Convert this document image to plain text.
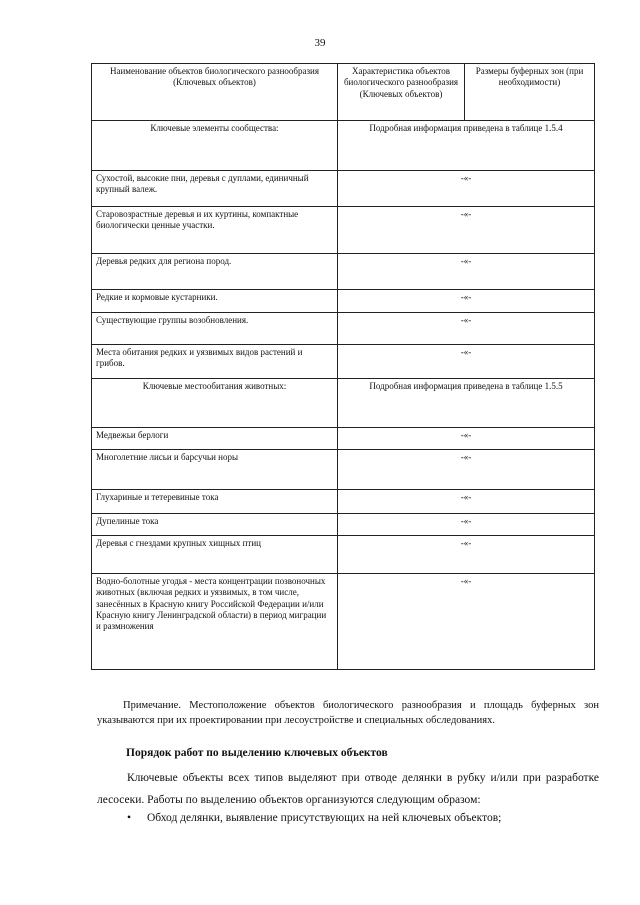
39
Наименование объектов биологического разнообразия (Ключевых объектов)	Характеристика объектов биологического разнообразия (Ключевых объектов)	Размеры буферных зон (при необходимости)
Ключевые элементы сообщества:	Подробная информация приведена в таблице 1.5.4	
Сухостой, высокие пни, деревья с дуплами, единичный крупный валеж.	-«-	
Старовозрастные деревья и их куртины, компактные биологически ценные участки.	-«-	
Деревья редких для региона пород.	-«-	
Редкие и кормовые кустарники.	-«-	
Существующие группы возобновления.	-«-	
Места обитания редких и уязвимых видов растений и грибов.	-«-	
Ключевые местообитания животных:	Подробная информация приведена в таблице 1.5.5	
Медвежьи берлоги	-«-	
Многолетние лисьи и барсучьи норы	-«-	
Глухариные и тетеревиные тока	-«-	
Дупелиные тока	-«-	
Деревья с гнездами крупных хищных птиц	-«-	
Водно-болотные угодья - места концентрации позвоночных животных (включая редких и уязвимых, в том числе, занесённых в Красную книгу Российской Федерации и/или Красную книгу Ленинградской области) в период миграции и размножения	-«-	
Примечание. Местоположение объектов биологического разнообразия и площадь буферных зон указываются при их проектировании при лесоустройстве и специальных обследованиях.
Порядок работ по выделению ключевых объектов
Ключевые объекты всех типов выделяют при отводе делянки в рубку и/или при разработке лесосеки. Работы по выделению объектов организуются следующим образом:
• Обход делянки, выявление присутствующих на ней ключевых объектов;
